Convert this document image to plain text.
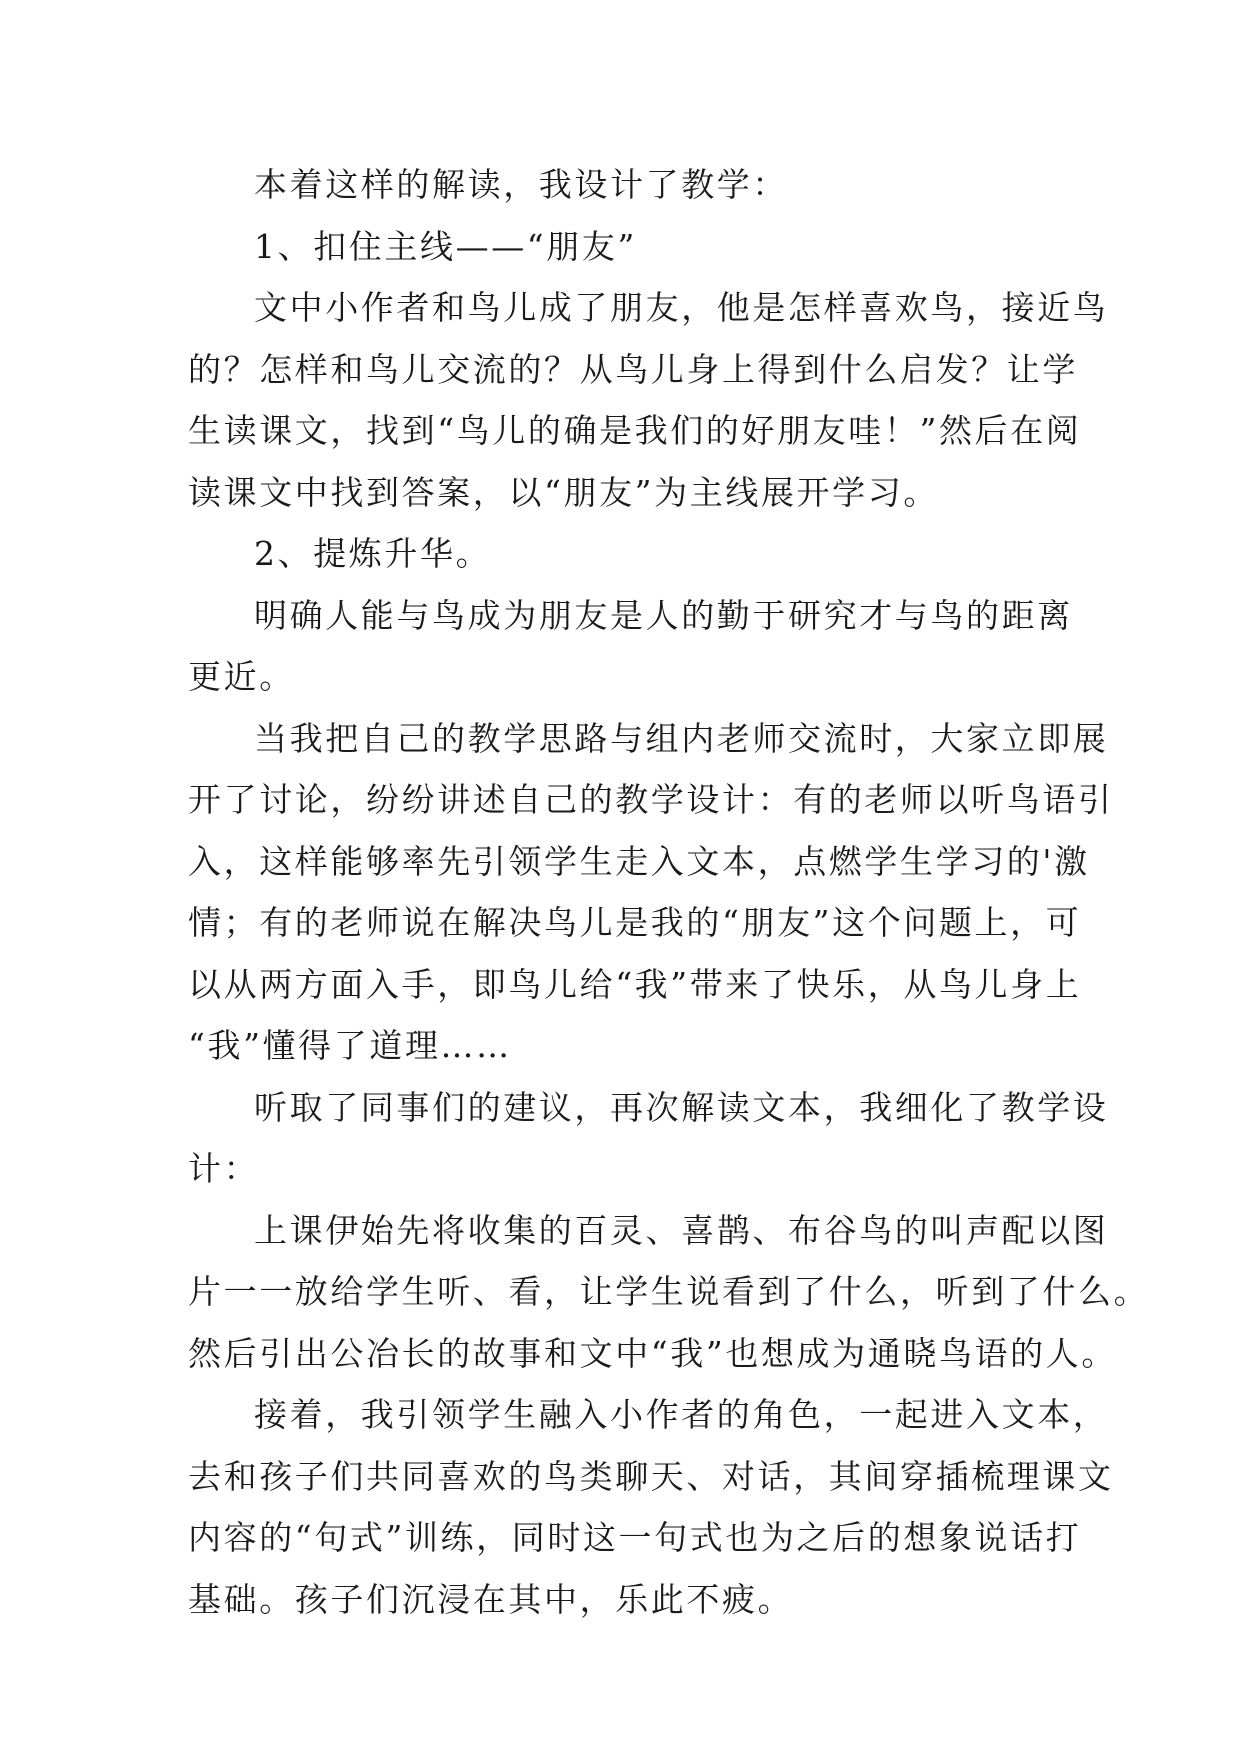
本着这样的解读，我设计了教学：
1、扣住主线——“朋友”
文中小作者和鸟儿成了朋友，他是怎样喜欢鸟，接近鸟
的？怎样和鸟儿交流的？从鸟儿身上得到什么启发？让学
生读课文，找到“鸟儿的确是我们的好朋友哇！”然后在阅
读课文中找到答案，以“朋友”为主线展开学习。
2、提炼升华。
明确人能与鸟成为朋友是人的勤于研究才与鸟的距离
更近。
当我把自己的教学思路与组内老师交流时，大家立即展
开了讨论，纷纷讲述自己的教学设计：有的老师以听鸟语引
入，这样能够率先引领学生走入文本，点燃学生学习的'激
情；有的老师说在解决鸟儿是我的“朋友”这个问题上，可
以从两方面入手，即鸟儿给“我”带来了快乐，从鸟儿身上
“我”懂得了道理……
听取了同事们的建议，再次解读文本，我细化了教学设
计：
上课伊始先将收集的百灵、喜鹊、布谷鸟的叫声配以图
片一一放给学生听、看，让学生说看到了什么，听到了什么。
然后引出公冶长的故事和文中“我”也想成为通晓鸟语的人。
接着，我引领学生融入小作者的角色，一起进入文本，
去和孩子们共同喜欢的鸟类聊天、对话，其间穿插梳理课文
内容的“句式”训练，同时这一句式也为之后的想象说话打
基础。孩子们沉浸在其中，乐此不疲。
